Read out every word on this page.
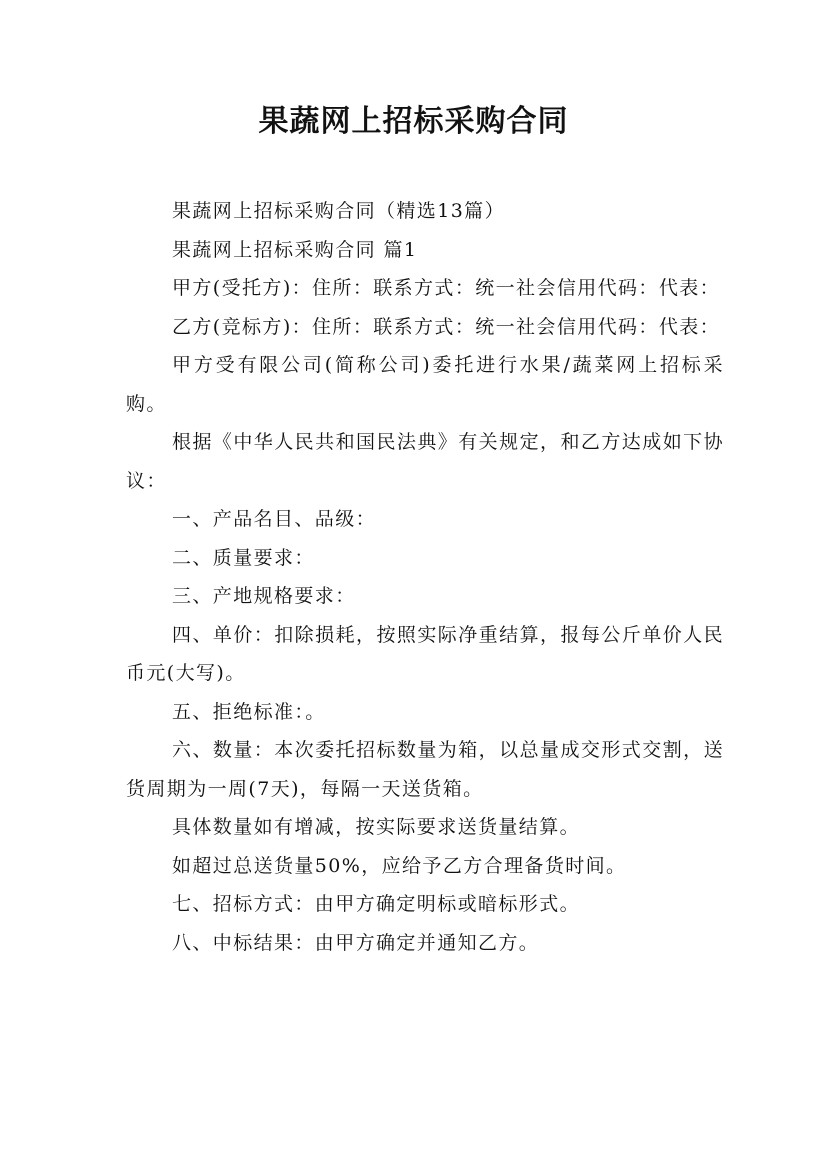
果蔬网上招标采购合同

果蔬网上招标采购合同（精选13篇）

果蔬网上招标采购合同 篇1

甲方(受托方)：住所：联系方式：统一社会信用代码：代表：

乙方(竞标方)：住所：联系方式：统一社会信用代码：代表：

甲方受有限公司(简称公司)委托进行水果/蔬菜网上招标采购。

根据《中华人民共和国民法典》有关规定，和乙方达成如下协议：

一、产品名目、品级：

二、质量要求：

三、产地规格要求：

四、单价：扣除损耗，按照实际净重结算，报每公斤单价人民币元(大写)。

五、拒绝标准：。

六、数量：本次委托招标数量为箱，以总量成交形式交割，送货周期为一周(7天)，每隔一天送货箱。

具体数量如有增减，按实际要求送货量结算。

如超过总送货量50%，应给予乙方合理备货时间。

七、招标方式：由甲方确定明标或暗标形式。

八、中标结果：由甲方确定并通知乙方。
